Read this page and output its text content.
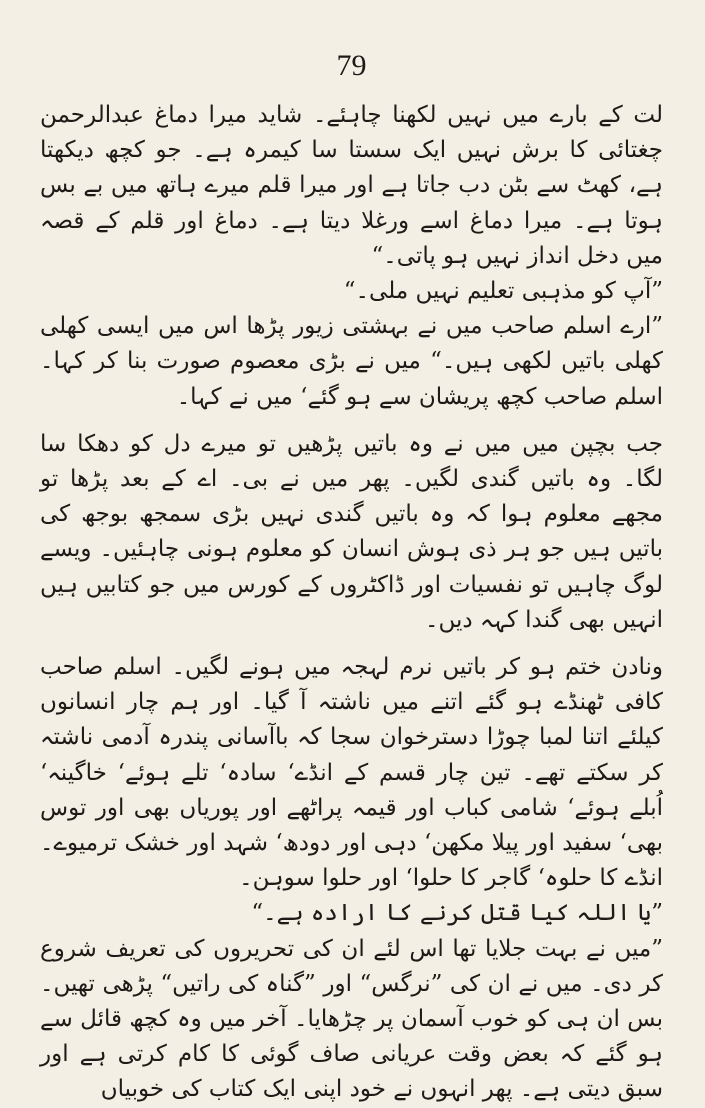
79

لت کے بارے میں نہیں لکھنا چاہئے۔ شاید میرا دماغ عبدالرحمن چغتائی کا برش نہیں ایک سستا سا کیمرہ ہے۔ جو کچھ دیکھتا ہے، کھٹ سے بٹن دب جاتا ہے اور میرا قلم میرے ہاتھ میں بے بس ہوتا ہے۔ میرا دماغ اسے ورغلا دیتا ہے۔ دماغ اور قلم کے قصہ میں دخل انداز نہیں ہو پاتی۔“

”آپ کو مذہبی تعلیم نہیں ملی۔“

”ارے اسلم صاحب میں نے بہشتی زیور پڑھا اس میں ایسی کھلی کھلی باتیں لکھی ہیں۔“ میں نے بڑی معصوم صورت بنا کر کہا۔ اسلم صاحب کچھ پریشان سے ہو گئے‘ میں نے کہا۔

جب بچپن میں میں نے وہ باتیں پڑھیں تو میرے دل کو دھکا سا لگا۔ وہ باتیں گندی لگیں۔ پھر میں نے بی۔ اے کے بعد پڑھا تو مجھے معلوم ہوا کہ وہ باتیں گندی نہیں بڑی سمجھ بوجھ کی باتیں ہیں جو ہر ذی ہوش انسان کو معلوم ہونی چاہئیں۔ ویسے لوگ چاہیں تو نفسیات اور ڈاکٹروں کے کورس میں جو کتابیں ہیں انہیں بھی گندا کہہ دیں۔

ونادن ختم ہو کر باتیں نرم لہجہ میں ہونے لگیں۔ اسلم صاحب کافی ٹھنڈے ہو گئے اتنے میں ناشتہ آ گیا۔ اور ہم چار انسانوں کیلئے اتنا لمبا چوڑا دسترخوان سجا کہ باآسانی پندرہ آدمی ناشتہ کر سکتے تھے۔ تین چار قسم کے انڈے‘ سادہ‘ تلے ہوئے‘ خاگینہ‘ اُبلے ہوئے‘ شامی کباب اور قیمہ پراٹھے اور پوریاں بھی اور توس بھی‘ سفید اور پیلا مکھن‘ دہی اور دودھ‘ شہد اور خشک ترمیوے۔ انڈے کا حلوہ‘ گاجر کا حلوا‘ اور حلوا سوہن۔

”یا اللہ کیا قتل کرنے کا ارادہ ہے۔“

”میں نے بہت جلایا تھا اس لئے ان کی تحریروں کی تعریف شروع کر دی۔ میں نے ان کی ”نرگس“ اور ”گناہ کی راتیں“ پڑھی تھیں۔ بس ان ہی کو خوب آسمان پر چڑھایا۔ آخر میں وہ کچھ قائل سے ہو گئے کہ بعض وقت عریانی صاف گوئی کا کام کرتی ہے اور سبق دیتی ہے۔ پھر انہوں نے خود اپنی ایک کتاب کی خوبیاں
